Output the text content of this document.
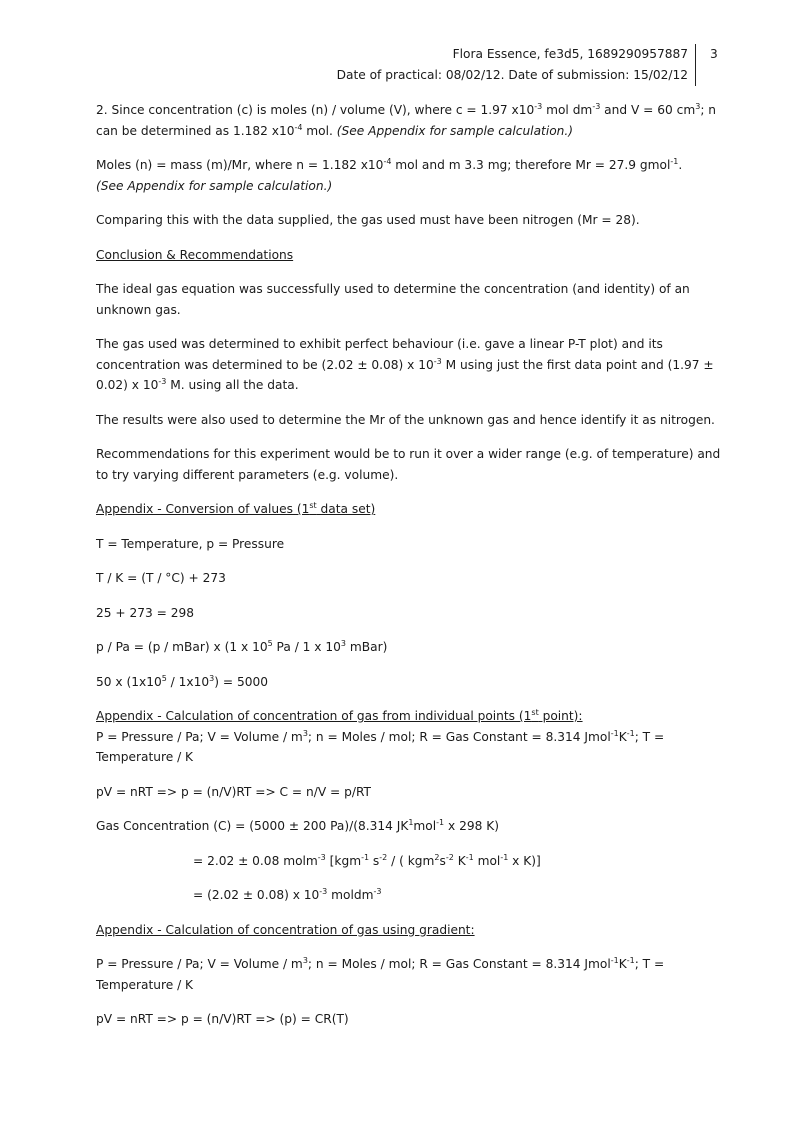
Flora Essence, fe3d5, 1689290957887
Date of practical: 08/02/12. Date of submission: 15/02/12
3

2. Since concentration (c) is moles (n) / volume (V), where c = 1.97 $x10^{-3}$ mol $dm^{-3}$ and V = 60 $cm^3$; n can be determined as 1.182 $x10^{-4}$ mol. (See Appendix for sample calculation.)

Moles (n) = mass (m)/Mr, where n = 1.182 $x10^{-4}$ mol and m 3.3 mg; therefore Mr = 27.9 gmol$^{-1}$.
(See Appendix for sample calculation.)

Comparing this with the data supplied, the gas used must have been nitrogen (Mr = 28).

Conclusion & Recommendations

The ideal gas equation was successfully used to determine the concentration (and identity) of an unknown gas.

The gas used was determined to exhibit perfect behaviour (i.e. gave a linear P-T plot) and its concentration was determined to be (2.02 ± 0.08) x $10^{-3}$ M using just the first data point and (1.97 ± 0.02) x $10^{-3}$ M. using all the data.

The results were also used to determine the Mr of the unknown gas and hence identify it as nitrogen.

Recommendations for this experiment would be to run it over a wider range (e.g. of temperature) and to try varying different parameters (e.g. volume).

Appendix - Conversion of values (1st data set)

T = Temperature, p = Pressure

T / K = (T / °C) + 273

25 + 273 = 298

p / Pa = (p / mBar) x (1 x $10^5$ Pa / 1 x $10^3$ mBar)

50 x $(1x10^5 / 1x10^3) = 5000$

Appendix - Calculation of concentration of gas from individual points (1st point):

P = Pressure / Pa; V = Volume / $m^3$; n = Moles / mol; R = Gas Constant = 8.314 $Jmol^{-1}K^{-1}$; T = Temperature / K

pV = nRT => p = (n/V)RT => C = n/V = p/RT

Gas Concentration (C) = (5000 ± 200 Pa)/(8.314 $JK^1mol^{-1}$ x 298 K)

= 2.02 ± 0.08 molm$^{-3}$ [kgm$^{-1}$ $s^{-2}$ / ( $kgm^2s^{-2}$ $K^{-1}$ mol$^{-1}$ x K)]

= (2.02 ± 0.08) x $10^{-3}$ moldm$^{-3}$

Appendix - Calculation of concentration of gas using gradient:

P = Pressure / Pa; V = Volume / $m^3$; n = Moles / mol; R = Gas Constant = 8.314 $Jmol^{-1}K^{-1}$; T = Temperature / K

pV = nRT => p = (n/V)RT => (p) = CR(T)
